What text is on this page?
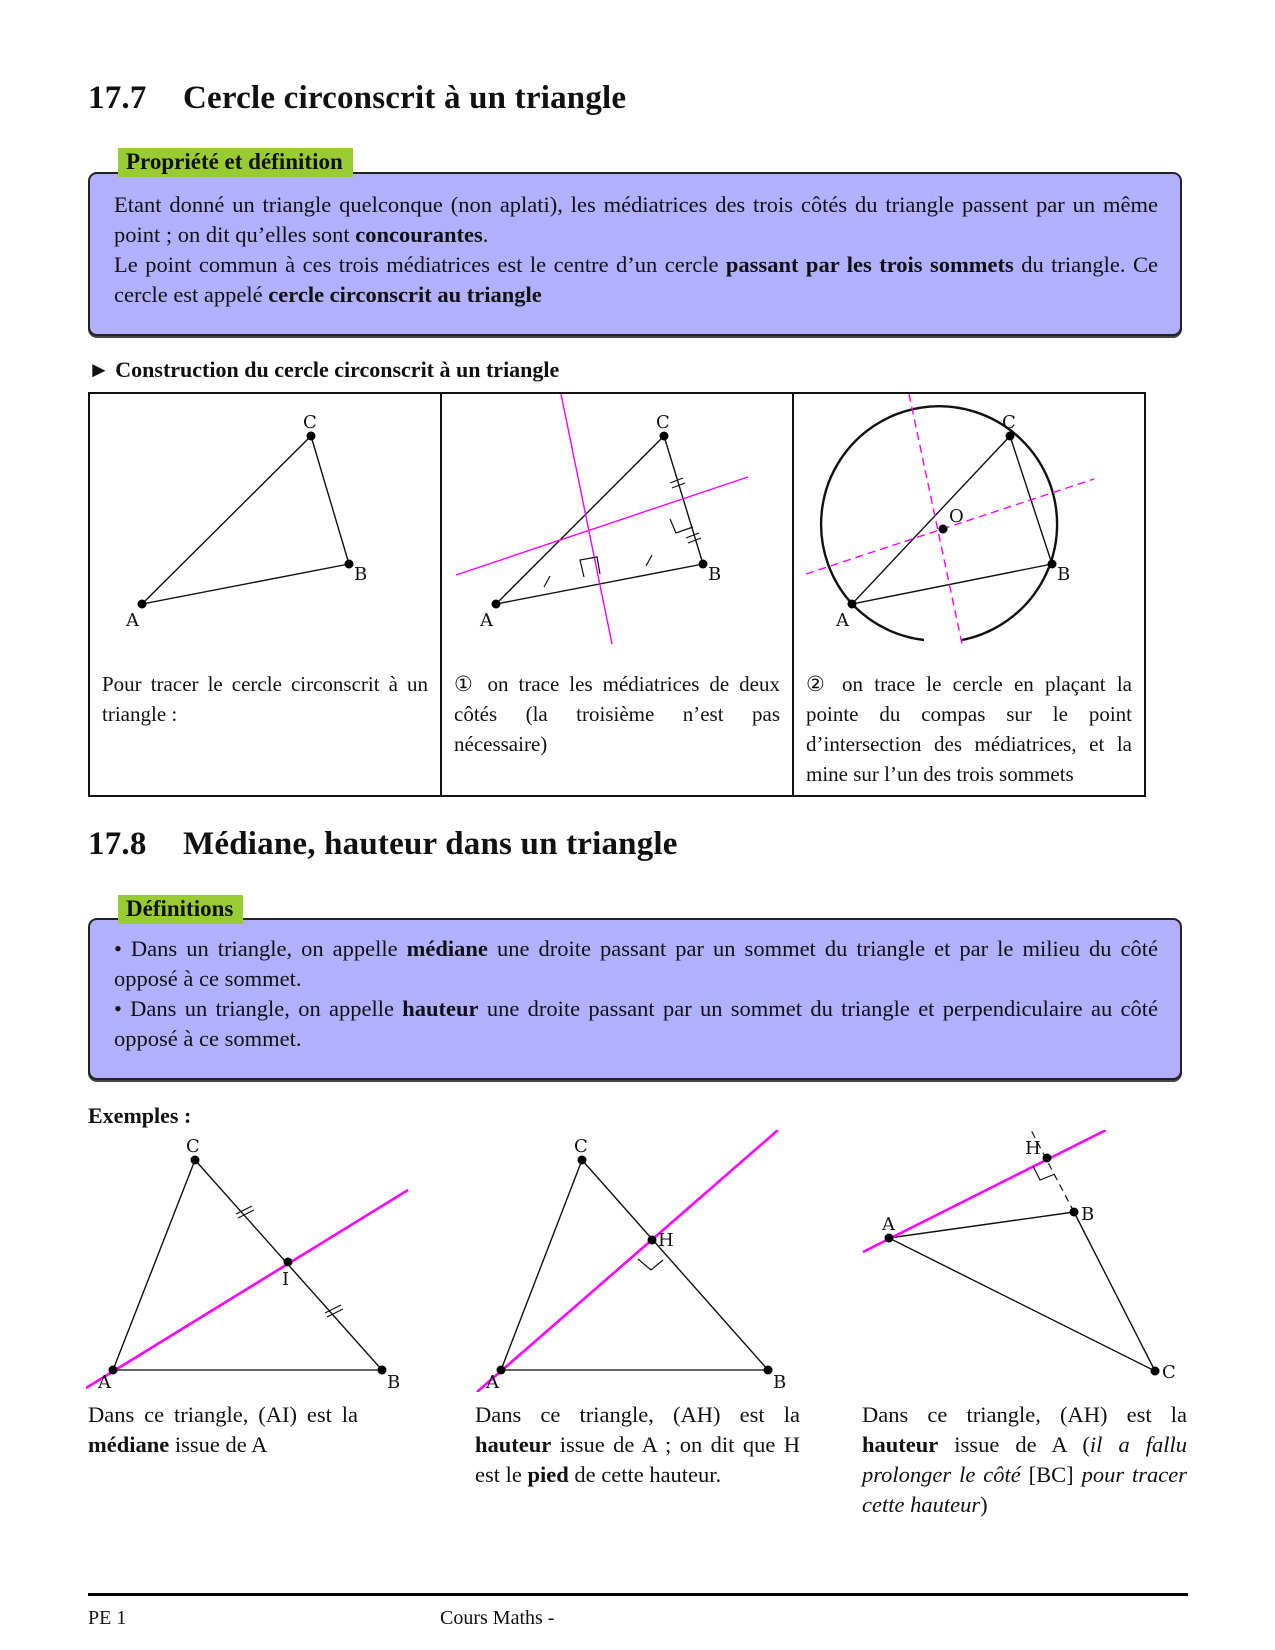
17.7 Cercle circonscrit à un triangle
Propriété et définition

Etant donné un triangle quelconque (non aplati), les médiatrices des trois côtés du triangle passent par un même point ; on dit qu’elles sont concourantes.

Le point commun à ces trois médiatrices est le centre d’un cercle passant par les trois sommets du triangle. Ce cercle est appelé cercle circonscrit au triangle

► Construction du cercle circonscrit à un triangle
A
C
B
Pour tracer le cercle circonscrit à un triangle :

A
C
B
① on trace les médiatrices de deux côtés (la troisième n’est pas nécessaire)

A
C
B
O
② on trace le cercle en plaçant la pointe du compas sur le point d’intersection des médiatrices, et la mine sur l’un des trois sommets
17.8 Médiane, hauteur dans un triangle
Définitions

• Dans un triangle, on appelle médiane une droite passant par un sommet du triangle et par le milieu du côté opposé à ce sommet.

• Dans un triangle, on appelle hauteur une droite passant par un sommet du triangle et perpendiculaire au côté opposé à ce sommet.

Exemples :
A
C
B
I
Dans ce triangle, (AI) est la médiane issue de A
A
C
B
H
Dans ce triangle, (AH) est la hauteur issue de A ; on dit que H est le pied de cette hauteur.
A	B
C
H
Dans ce triangle, (AH) est la hauteur issue de A (il a fallu prolonger le côté [BC] pour tracer cette hauteur)
PE 1	Cours Maths -
